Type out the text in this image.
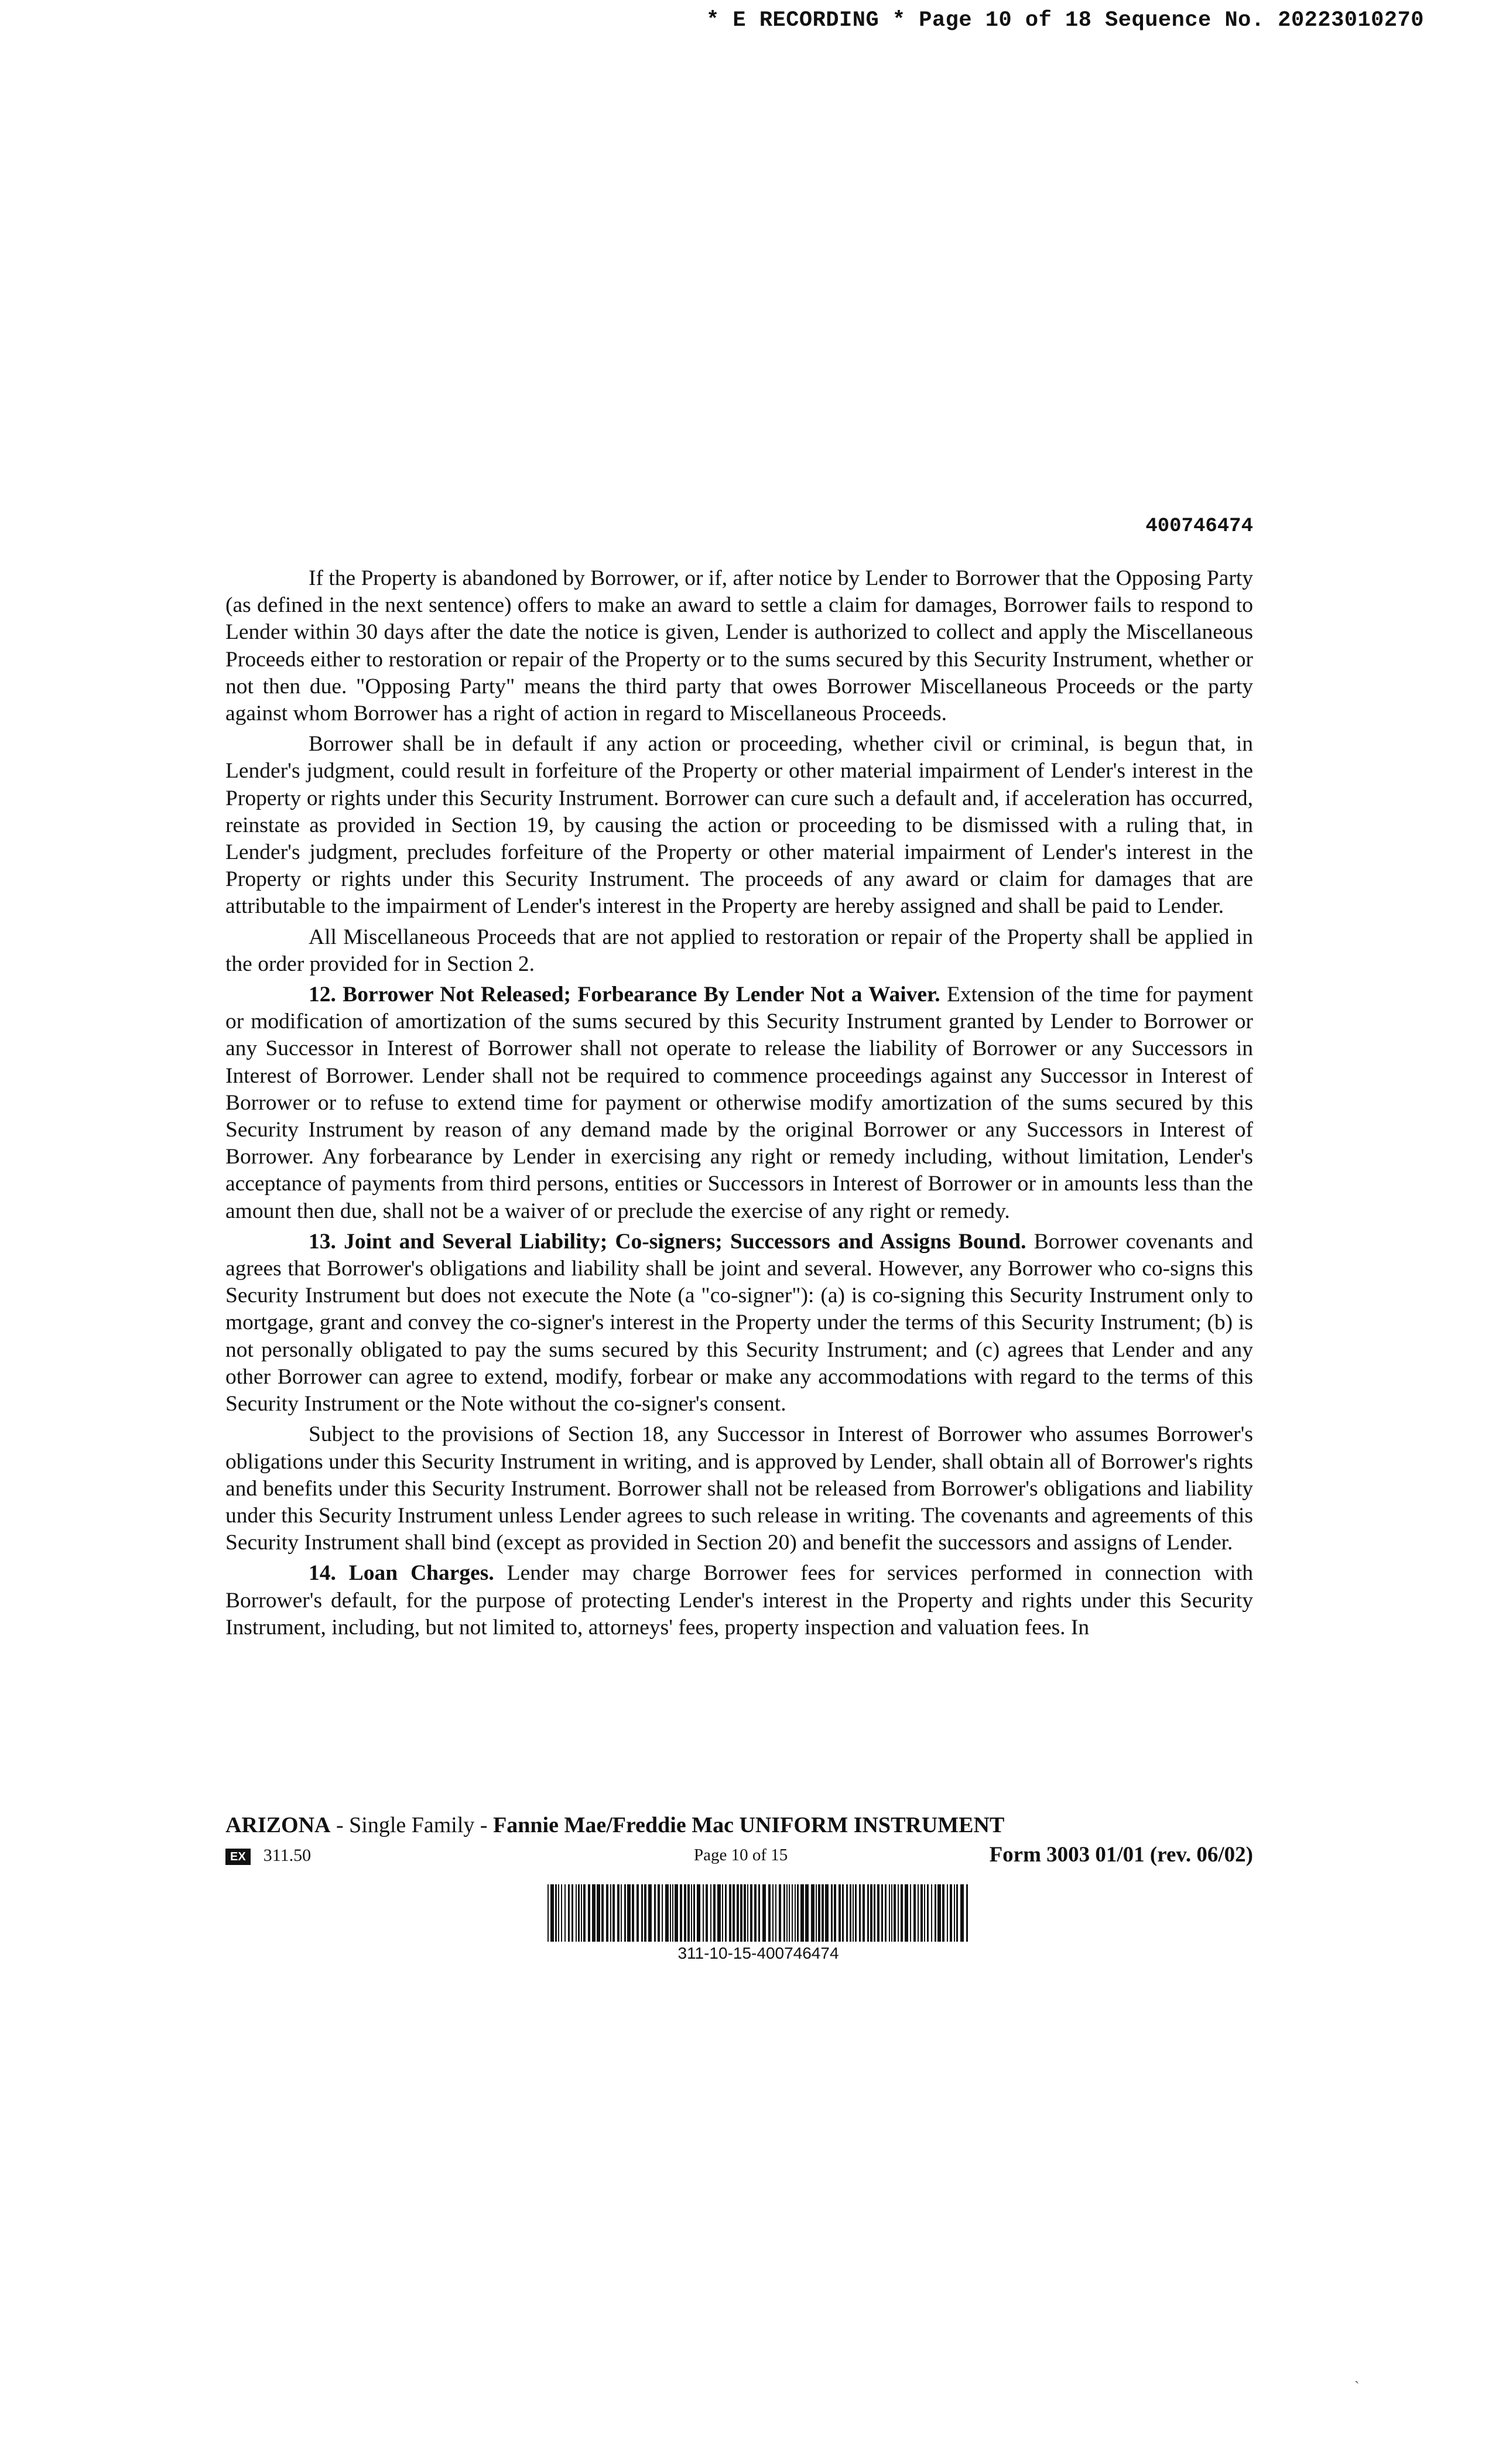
* E RECORDING * Page 10 of 18 Sequence No. 20223010270
400746474

If the Property is abandoned by Borrower, or if, after notice by Lender to Borrower that the Opposing Party (as defined in the next sentence) offers to make an award to settle a claim for damages, Borrower fails to respond to Lender within 30 days after the date the notice is given, Lender is authorized to collect and apply the Miscellaneous Proceeds either to restoration or repair of the Property or to the sums secured by this Security Instrument, whether or not then due. "Opposing Party" means the third party that owes Borrower Miscellaneous Proceeds or the party against whom Borrower has a right of action in regard to Miscellaneous Proceeds.

Borrower shall be in default if any action or proceeding, whether civil or criminal, is begun that, in Lender's judgment, could result in forfeiture of the Property or other material impairment of Lender's interest in the Property or rights under this Security Instrument. Borrower can cure such a default and, if acceleration has occurred, reinstate as provided in Section 19, by causing the action or proceeding to be dismissed with a ruling that, in Lender's judgment, precludes forfeiture of the Property or other material impairment of Lender's interest in the Property or rights under this Security Instrument. The proceeds of any award or claim for damages that are attributable to the impairment of Lender's interest in the Property are hereby assigned and shall be paid to Lender.

All Miscellaneous Proceeds that are not applied to restoration or repair of the Property shall be applied in the order provided for in Section 2.

12. Borrower Not Released; Forbearance By Lender Not a Waiver. Extension of the time for payment or modification of amortization of the sums secured by this Security Instrument granted by Lender to Borrower or any Successor in Interest of Borrower shall not operate to release the liability of Borrower or any Successors in Interest of Borrower. Lender shall not be required to commence proceedings against any Successor in Interest of Borrower or to refuse to extend time for payment or otherwise modify amortization of the sums secured by this Security Instrument by reason of any demand made by the original Borrower or any Successors in Interest of Borrower. Any forbearance by Lender in exercising any right or remedy including, without limitation, Lender's acceptance of payments from third persons, entities or Successors in Interest of Borrower or in amounts less than the amount then due, shall not be a waiver of or preclude the exercise of any right or remedy.

13. Joint and Several Liability; Co-signers; Successors and Assigns Bound. Borrower covenants and agrees that Borrower's obligations and liability shall be joint and several. However, any Borrower who co-signs this Security Instrument but does not execute the Note (a "co-signer"): (a) is co-signing this Security Instrument only to mortgage, grant and convey the co-signer's interest in the Property under the terms of this Security Instrument; (b) is not personally obligated to pay the sums secured by this Security Instrument; and (c) agrees that Lender and any other Borrower can agree to extend, modify, forbear or make any accommodations with regard to the terms of this Security Instrument or the Note without the co-signer's consent.

Subject to the provisions of Section 18, any Successor in Interest of Borrower who assumes Borrower's obligations under this Security Instrument in writing, and is approved by Lender, shall obtain all of Borrower's rights and benefits under this Security Instrument. Borrower shall not be released from Borrower's obligations and liability under this Security Instrument unless Lender agrees to such release in writing. The covenants and agreements of this Security Instrument shall bind (except as provided in Section 20) and benefit the successors and assigns of Lender.

14. Loan Charges. Lender may charge Borrower fees for services performed in connection with Borrower's default, for the purpose of protecting Lender's interest in the Property and rights under this Security Instrument, including, but not limited to, attorneys' fees, property inspection and valuation fees. In

ARIZONA - Single Family - Fannie Mae/Freddie Mac UNIFORM INSTRUMENT
EX 311.50	Page 10 of 15	Form 3003 01/01 (rev. 06/02)
311-10-15-400746474
ˏ
